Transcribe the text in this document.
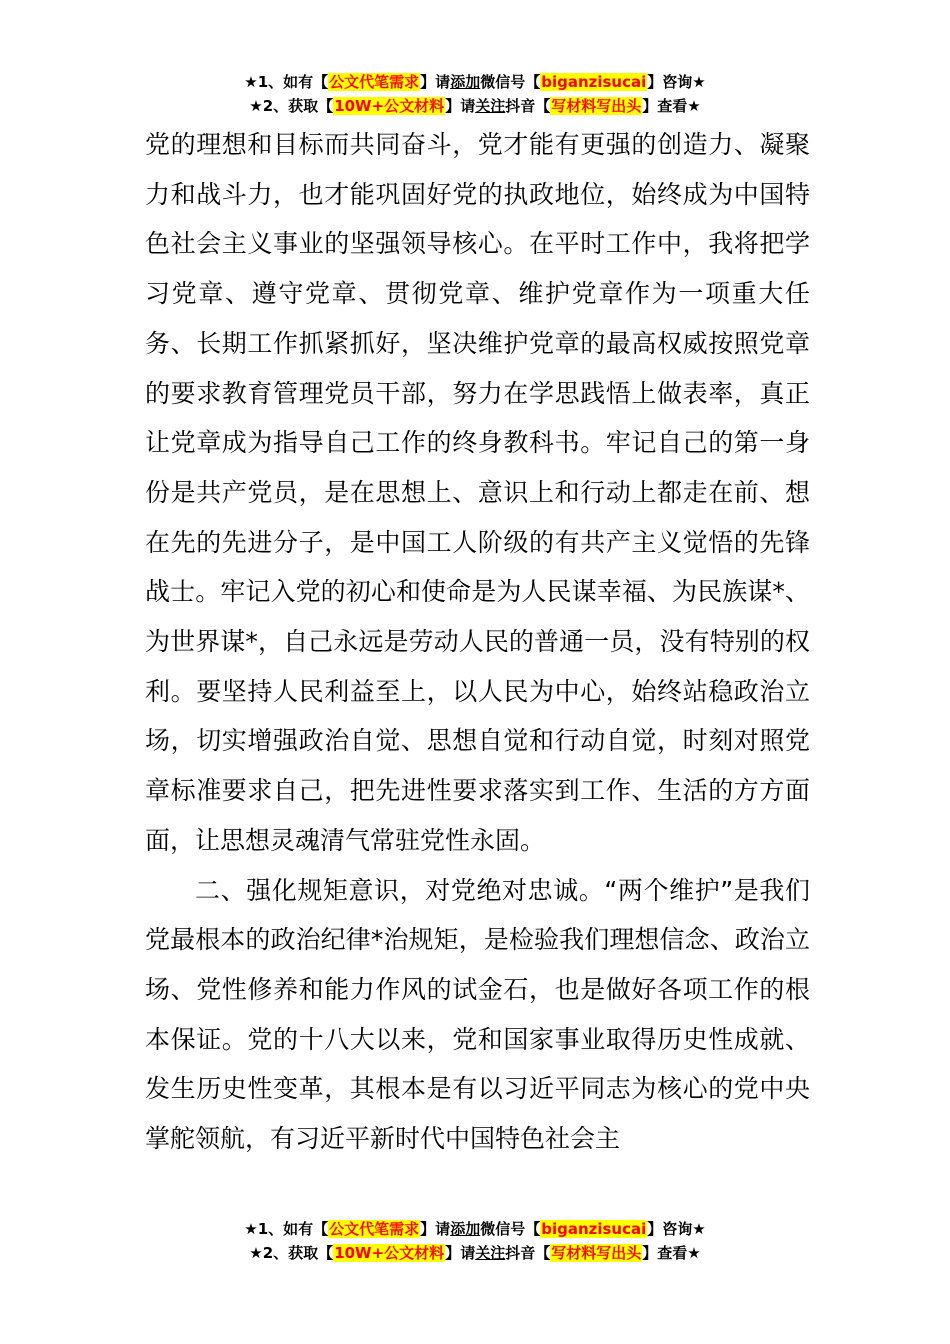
★1、如有【公文代笔需求】请添加微信号【biganzisucai】咨询★
★2、获取【10W+公文材料】请关注抖音【写材料写出头】查看★

党的理想和目标而共同奋斗，党才能有更强的创造力、凝聚力和战斗力，也才能巩固好党的执政地位，始终成为中国特色社会主义事业的坚强领导核心。在平时工作中，我将把学习党章、遵守党章、贯彻党章、维护党章作为一项重大任务、长期工作抓紧抓好，坚决维护党章的最高权威按照党章的要求教育管理党员干部，努力在学思践悟上做表率，真正让党章成为指导自己工作的终身教科书。牢记自己的第一身份是共产党员，是在思想上、意识上和行动上都走在前、想在先的先进分子，是中国工人阶级的有共产主义觉悟的先锋战士。牢记入党的初心和使命是为人民谋幸福、为民族谋*、为世界谋*，自己永远是劳动人民的普通一员，没有特别的权利。要坚持人民利益至上，以人民为中心，始终站稳政治立场，切实增强政治自觉、思想自觉和行动自觉，时刻对照党章标准要求自己，把先进性要求落实到工作、生活的方方面面，让思想灵魂清气常驻党性永固。

二、强化规矩意识，对党绝对忠诚。“两个维护”是我们党最根本的政治纪律*治规矩，是检验我们理想信念、政治立场、党性修养和能力作风的试金石，也是做好各项工作的根本保证。党的十八大以来，党和国家事业取得历史性成就、发生历史性变革，其根本是有以习近平同志为核心的党中央掌舵领航，有习近平新时代中国特色社会主

★1、如有【公文代笔需求】请添加微信号【biganzisucai】咨询★
★2、获取【10W+公文材料】请关注抖音【写材料写出头】查看★
